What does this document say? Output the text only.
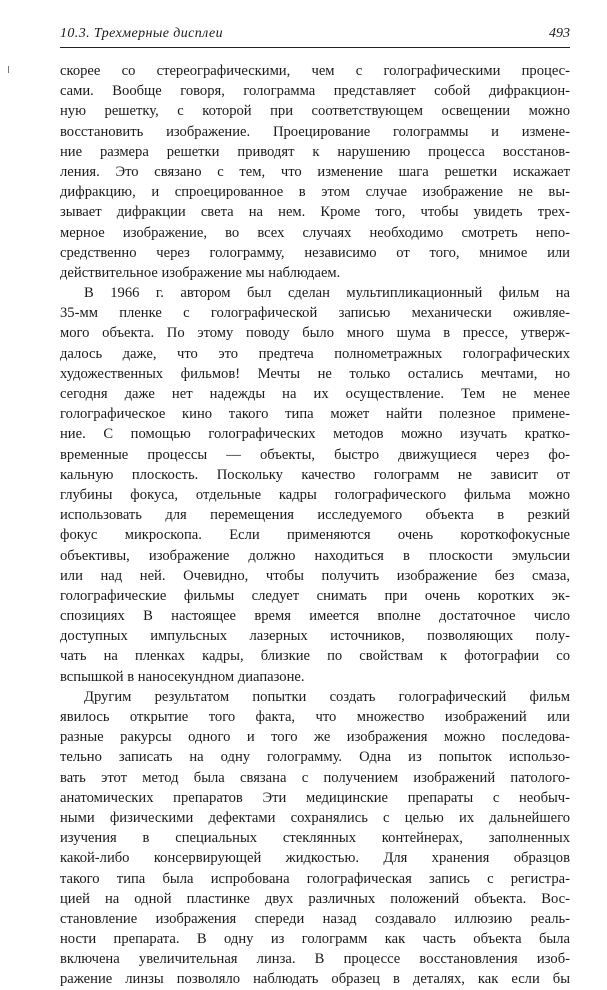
10.3. Трехмерные дисплеи	493
скорее со стереографическими, чем с голографическими процес-
сами. Вообще говоря, голограмма представляет собой дифракцион-
ную решетку, с которой при соответствующем освещении можно
восстановить изображение. Проецирование голограммы и измене-
ние размера решетки приводят к нарушению процесса восстанов-
ления. Это связано с тем, что изменение шага решетки искажает
дифракцию, и спроецированное в этом случае изображение не вы-
зывает дифракции света на нем. Кроме того, чтобы увидеть трех-
мерное изображение, во всех случаях необходимо смотреть непо-
средственно через голограмму, независимо от того, мнимое или
действительное изображение мы наблюдаем.
В 1966 г. автором был сделан мультипликационный фильм на
35-мм пленке с голографической записью механически оживляе-
мого объекта. По этому поводу было много шума в прессе, утверж-
далось даже, что это предтеча полнометражных голографических
художественных фильмов! Мечты не только остались мечтами, но
сегодня даже нет надежды на их осуществление. Тем не менее
голографическое кино такого типа может найти полезное примене-
ние. С помощью голографических методов можно изучать кратко-
временные процессы — объекты, быстро движущиеся через фо-
кальную плоскость. Поскольку качество голограмм не зависит от
глубины фокуса, отдельные кадры голографического фильма можно
использовать для перемещения исследуемого объекта в резкий
фокус микроскопа. Если применяются очень короткофокусные
объективы, изображение должно находиться в плоскости эмульсии
или над ней. Очевидно, чтобы получить изображение без смаза,
голографические фильмы следует снимать при очень коротких эк-
спозициях В настоящее время имеется вполне достаточное число
доступных импульсных лазерных источников, позволяющих полу-
чать на пленках кадры, близкие по свойствам к фотографии со
вспышкой в наносекундном диапазоне.
Другим результатом попытки создать голографический фильм
явилось открытие того факта, что множество изображений или
разные ракурсы одного и того же изображения можно последова-
тельно записать на одну голограмму. Одна из попыток использо-
вать этот метод была связана с получением изображений патолого-
анатомических препаратов Эти медицинские препараты с необыч-
ными физическими дефектами сохранялись с целью их дальнейшего
изучения в специальных стеклянных контейнерах, заполненных
какой-либо консервирующей жидкостью. Для хранения образцов
такого типа была испробована голографическая запись с регистра-
цией на одной пластинке двух различных положений объекта. Вос-
становление изображения спереди назад создавало иллюзию реаль-
ности препарата. В одну из голограмм как часть объекта была
включена увеличительная линза. В процессе восстановления изоб-
ражение линзы позволяло наблюдать образец в деталях, как если бы
